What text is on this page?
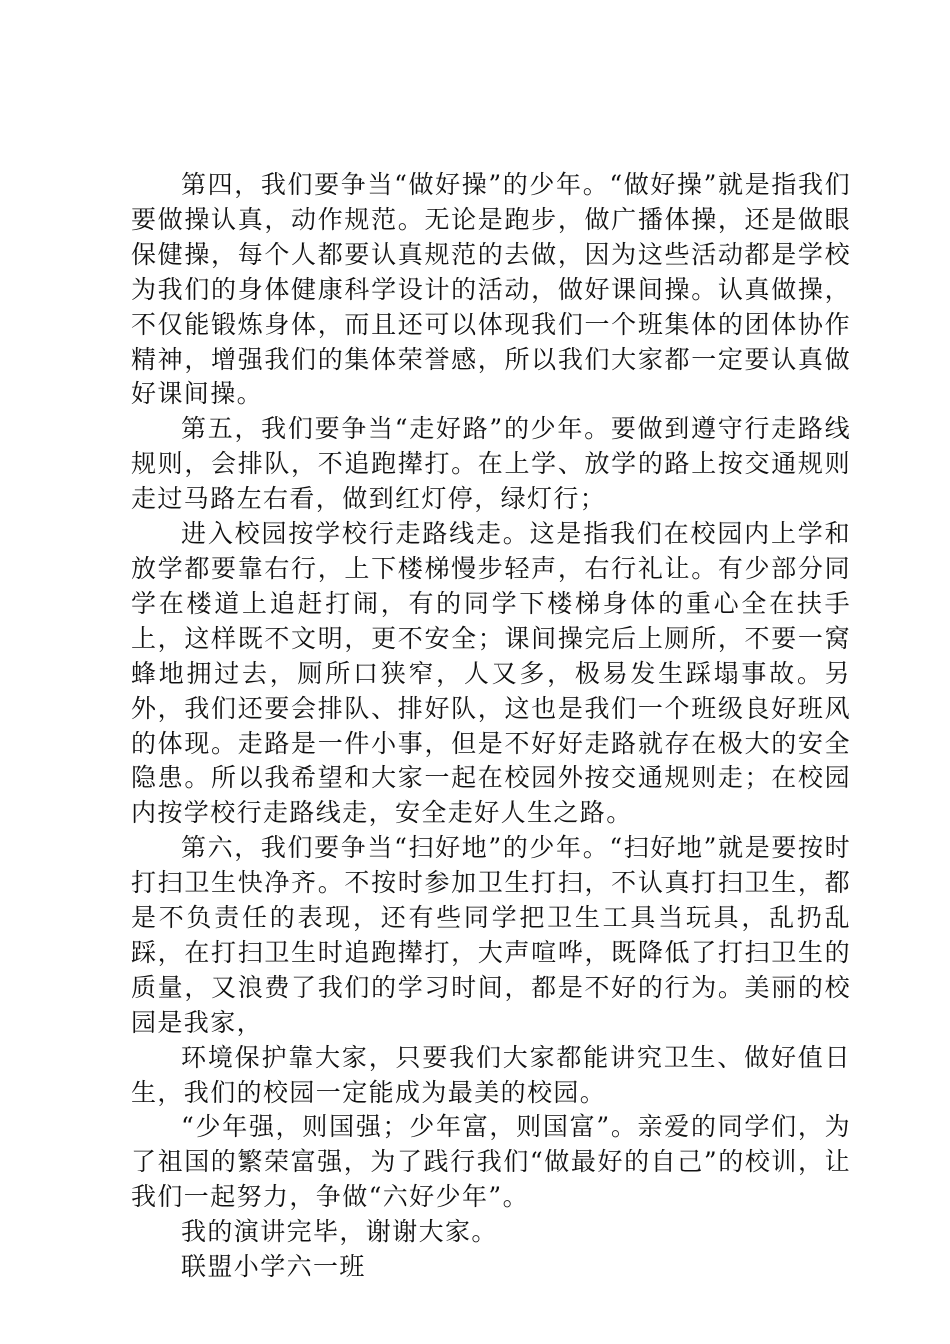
第四，我们要争当“做好操”的少年。“做好操”就是指我们要做操认真，动作规范。无论是跑步，做广播体操，还是做眼保健操，每个人都要认真规范的去做，因为这些活动都是学校为我们的身体健康科学设计的活动，做好课间操。认真做操，不仅能锻炼身体，而且还可以体现我们一个班集体的团体协作精神，增强我们的集体荣誉感，所以我们大家都一定要认真做好课间操。

第五，我们要争当“走好路”的少年。要做到遵守行走路线规则，会排队，不追跑撵打。在上学、放学的路上按交通规则走过马路左右看，做到红灯停，绿灯行；

进入校园按学校行走路线走。这是指我们在校园内上学和放学都要靠右行，上下楼梯慢步轻声，右行礼让。有少部分同学在楼道上追赶打闹，有的同学下楼梯身体的重心全在扶手上，这样既不文明，更不安全；课间操完后上厕所，不要一窝蜂地拥过去，厕所口狭窄，人又多，极易发生踩塌事故。另外，我们还要会排队、排好队，这也是我们一个班级良好班风的体现。走路是一件小事，但是不好好走路就存在极大的安全隐患。所以我希望和大家一起在校园外按交通规则走；在校园内按学校行走路线走，安全走好人生之路。

第六，我们要争当“扫好地”的少年。“扫好地”就是要按时打扫卫生快净齐。不按时参加卫生打扫，不认真打扫卫生，都是不负责任的表现，还有些同学把卫生工具当玩具，乱扔乱踩，在打扫卫生时追跑撵打，大声喧哗，既降低了打扫卫生的质量，又浪费了我们的学习时间，都是不好的行为。美丽的校园是我家，

环境保护靠大家，只要我们大家都能讲究卫生、做好值日生，我们的校园一定能成为最美的校园。

“少年强，则国强；少年富，则国富”。亲爱的同学们，为了祖国的繁荣富强，为了践行我们“做最好的自己”的校训，让我们一起努力，争做“六好少年”。

我的演讲完毕，谢谢大家。

联盟小学六一班
